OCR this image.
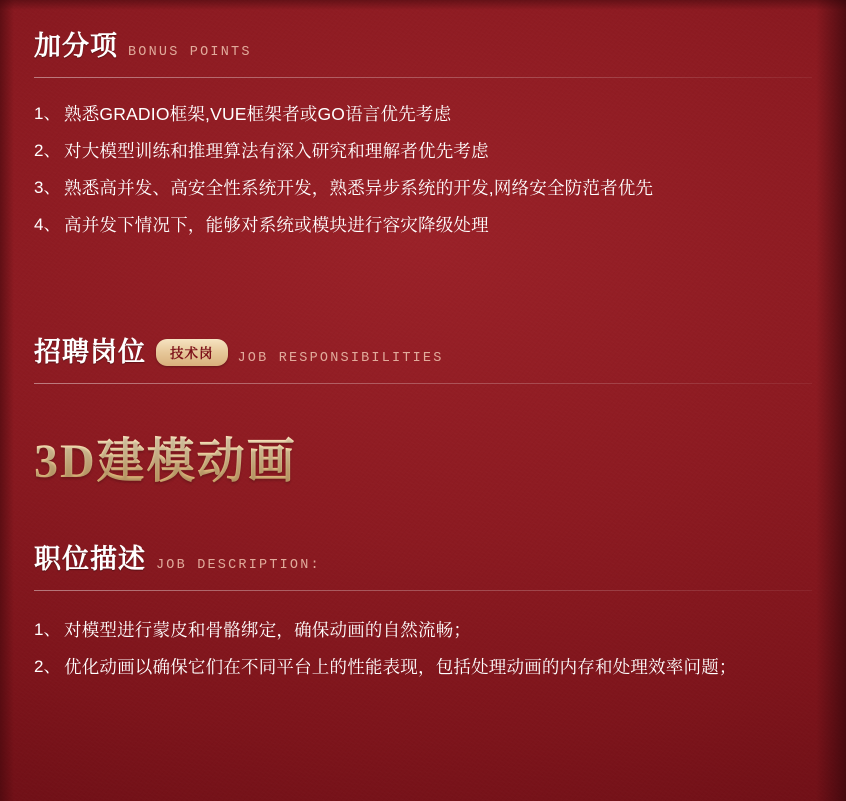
加分项 BONUS POINTS
1、 熟悉GRADIO框架,VUE框架者或GO语言优先考虑
2、 对大模型训练和推理算法有深入研究和理解者优先考虑
3、 熟悉高并发、高安全性系统开发，熟悉异步系统的开发,网络安全防范者优先
4、 高并发下情况下，能够对系统或模块进行容灾降级处理
招聘岗位	技术岗	JOB RESPONSIBILITIES
3D建模动画
职位描述 JOB DESCRIPTION:
1、 对模型进行蒙皮和骨骼绑定，确保动画的自然流畅；
2、 优化动画以确保它们在不同平台上的性能表现，包括处理动画的内存和处理效率问题；
